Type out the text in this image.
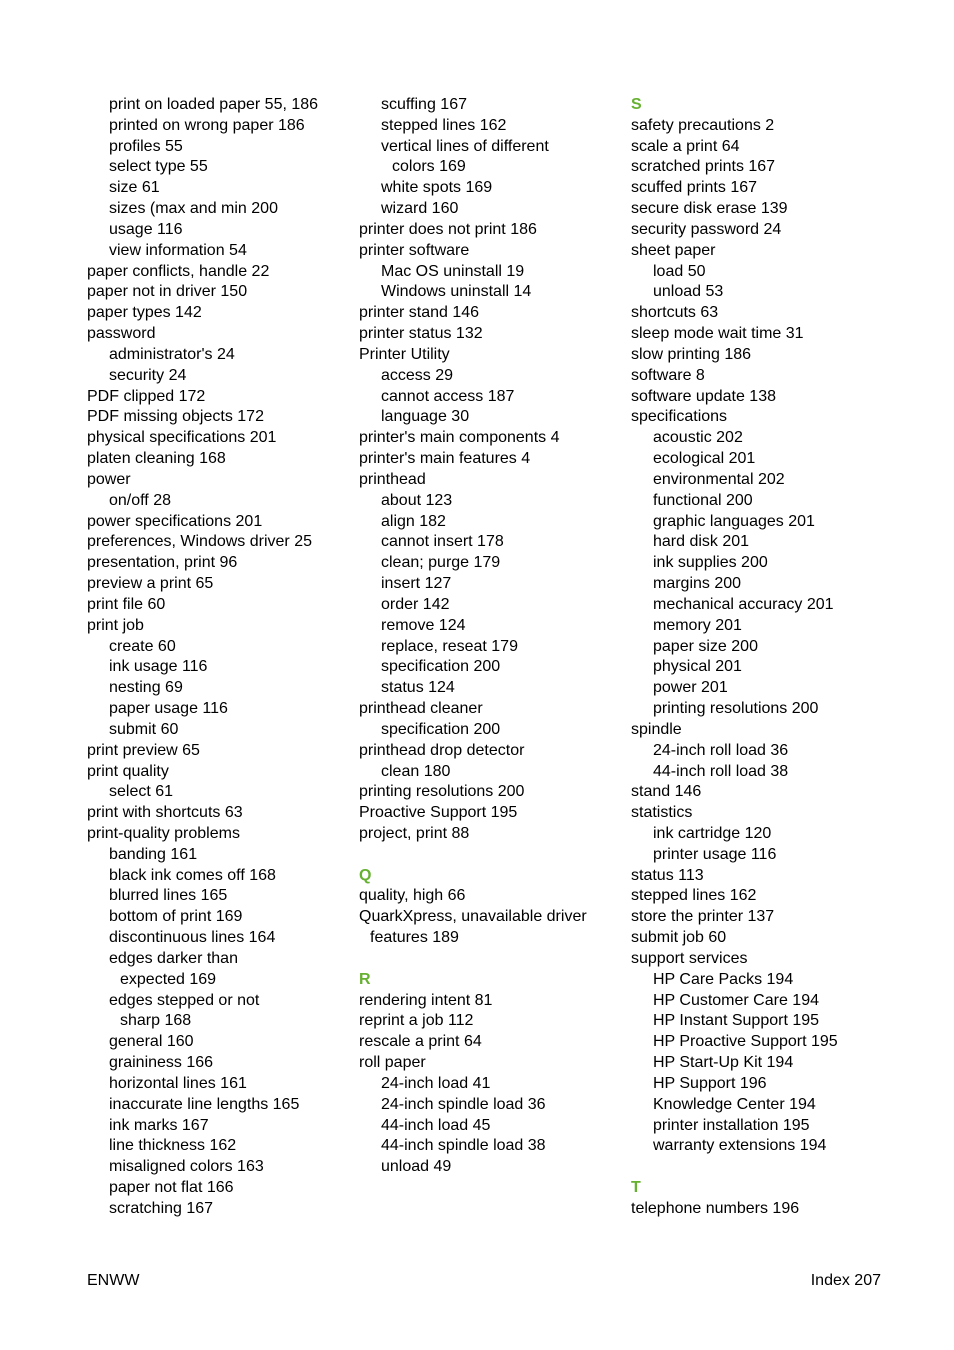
print on loaded paper 55, 186
printed on wrong paper 186
profiles 55
select type 55
size 61
sizes (max and min 200
usage 116
view information 54
paper conflicts, handle 22
paper not in driver 150
paper types 142
password
administrator's 24
security 24
PDF clipped 172
PDF missing objects 172
physical specifications 201
platen cleaning 168
power
on/off 28
power specifications 201
preferences, Windows driver 25
presentation, print 96
preview a print 65
print file 60
print job
create 60
ink usage 116
nesting 69
paper usage 116
submit 60
print preview 65
print quality
select 61
print with shortcuts 63
print-quality problems
banding 161
black ink comes off 168
blurred lines 165
bottom of print 169
discontinuous lines 164
edges darker than
expected 169
edges stepped or not
sharp 168
general 160
graininess 166
horizontal lines 161
inaccurate line lengths 165
ink marks 167
line thickness 162
misaligned colors 163
paper not flat 166
scratching 167
scuffing 167
stepped lines 162
vertical lines of different
colors 169
white spots 169
wizard 160
printer does not print 186
printer software
Mac OS uninstall 19
Windows uninstall 14
printer stand 146
printer status 132
Printer Utility
access 29
cannot access 187
language 30
printer's main components 4
printer's main features 4
printhead
about 123
align 182
cannot insert 178
clean; purge 179
insert 127
order 142
remove 124
replace, reseat 179
specification 200
status 124
printhead cleaner
specification 200
printhead drop detector
clean 180
printing resolutions 200
Proactive Support 195
project, print 88
Q
quality, high 66
QuarkXpress, unavailable driver
features 189
R
rendering intent 81
reprint a job 112
rescale a print 64
roll paper
24-inch load 41
24-inch spindle load 36
44-inch load 45
44-inch spindle load 38
unload 49
S
safety precautions 2
scale a print 64
scratched prints 167
scuffed prints 167
secure disk erase 139
security password 24
sheet paper
load 50
unload 53
shortcuts 63
sleep mode wait time 31
slow printing 186
software 8
software update 138
specifications
acoustic 202
ecological 201
environmental 202
functional 200
graphic languages 201
hard disk 201
ink supplies 200
margins 200
mechanical accuracy 201
memory 201
paper size 200
physical 201
power 201
printing resolutions 200
spindle
24-inch roll load 36
44-inch roll load 38
stand 146
statistics
ink cartridge 120
printer usage 116
status 113
stepped lines 162
store the printer 137
submit job 60
support services
HP Care Packs 194
HP Customer Care 194
HP Instant Support 195
HP Proactive Support 195
HP Start-Up Kit 194
HP Support 196
Knowledge Center 194
printer installation 195
warranty extensions 194
T
telephone numbers 196
ENWW	Index 207
